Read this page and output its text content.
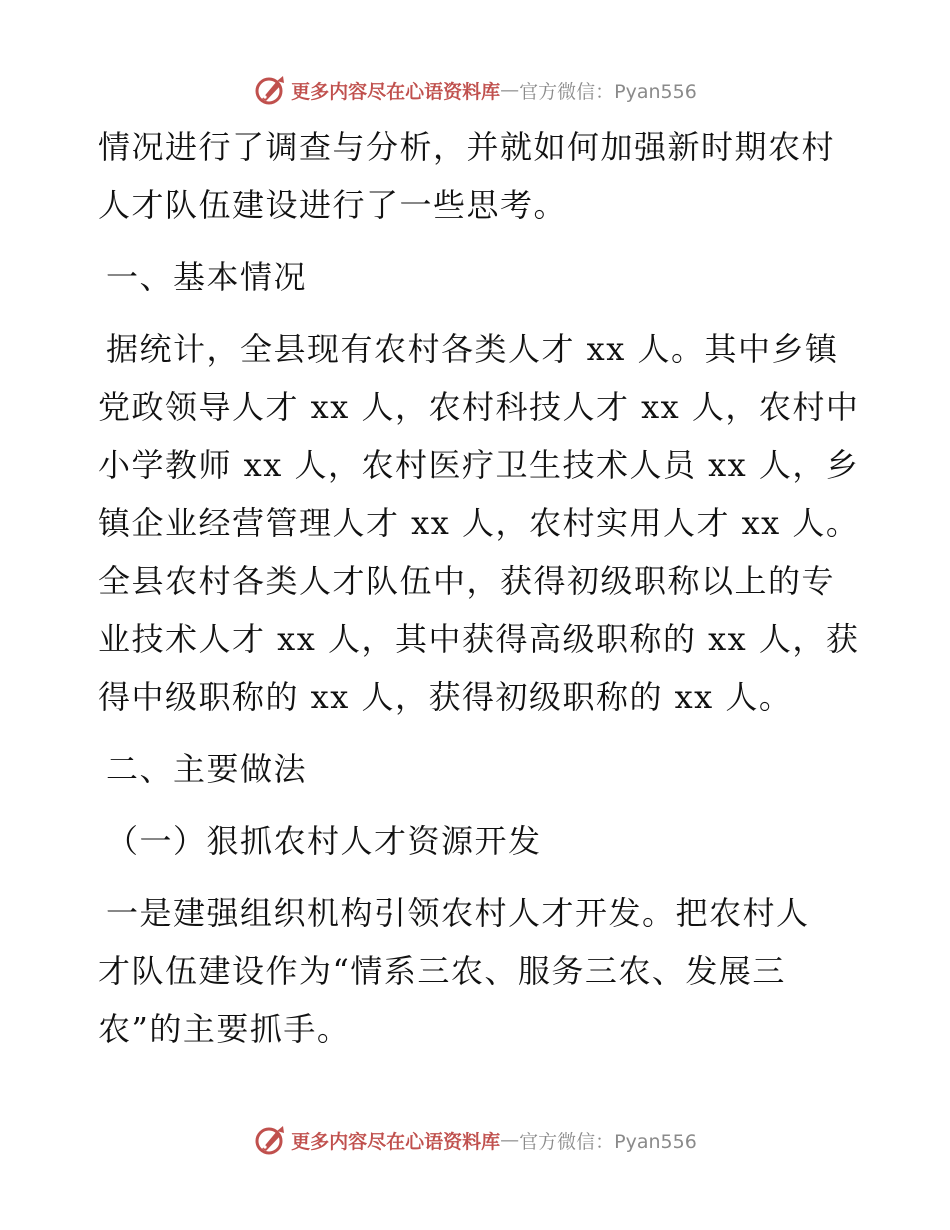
更多内容尽在心语资料库 — 官方微信：Pyan556
情况进行了调查与分析，并就如何加强新时期农村
人才队伍建设进行了一些思考。
一、基本情况
据统计，全县现有农村各类人才 xx 人。其中乡镇
党政领导人才 xx 人，农村科技人才 xx 人，农村中
小学教师 xx 人，农村医疗卫生技术人员 xx 人，乡
镇企业经营管理人才 xx 人，农村实用人才 xx 人。
全县农村各类人才队伍中，获得初级职称以上的专
业技术人才 xx 人，其中获得高级职称的 xx 人，获
得中级职称的 xx 人，获得初级职称的 xx 人。
二、主要做法
（一）狠抓农村人才资源开发
一是建强组织机构引领农村人才开发。把农村人
才队伍建设作为“情系三农、服务三农、发展三
农”的主要抓手。
更多内容尽在心语资料库 — 官方微信：Pyan556
